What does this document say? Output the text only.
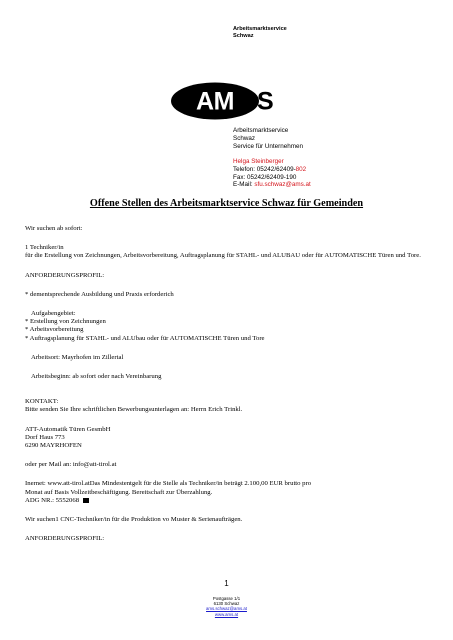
Arbeitsmarktservice
Schwaz
AM S
Arbeitsmarktservice
Schwaz
Service für Unternehmen
Helga Steinberger
Telefon: 05242/62409-802
Fax: 05242/62409-190
E-Mail: sfu.schwaz@ams.at
Offene Stellen des Arbeitsmarktservice Schwaz für Gemeinden

Wir suchen ab sofort:

1 Techniker/in

für die Erstellung von Zeichnungen, Arbeitsvorbereitung, Auftragsplanung für STAHL- und ALUBAU oder für AUTOMATISCHE Türen und Tore.

ANFORDERUNGSPROFIL:

* dementsprechende Ausbildung und Praxis erforderich

Aufgabengebiet:

* Erstellung von Zeichnungen

* Arbeitsvorbereitung

* Auftragsplanung für STAHL- und ALUbau oder für AUTOMATISCHE Türen und Tore

Arbeitsort: Mayrhofen im Zillertal

Arbeitsbeginn: ab sofort oder nach Vereinbarung

KONTAKT:

Bitte senden Sie Ihre schriftlichen Bewerbungsunterlagen an: Herrn Erich Trinkl.

ATT-Automatik Türen GesmbH

Dorf Haus 773

6290 MAYRHOFEN

oder per Mail an: info@att-tirol.at

Inernet: www.att-tirol.atDas Mindestentgelt für die Stelle als Techniker/in beträgt 2.100,00 EUR brutto pro

Monat auf Basis Vollzeitbeschäftigung. Bereitschaft zur Überzahlung.

ADG NR.: 5552068

Wir suchen1 CNC-Techniker/in für die Produktion vo Muster & Serienaufträgen.

ANFORDERUNGSPROFIL:

1
Postgasse 1/1
6130 Schwaz
ams.schwaz@ams.at
www.ams.at
